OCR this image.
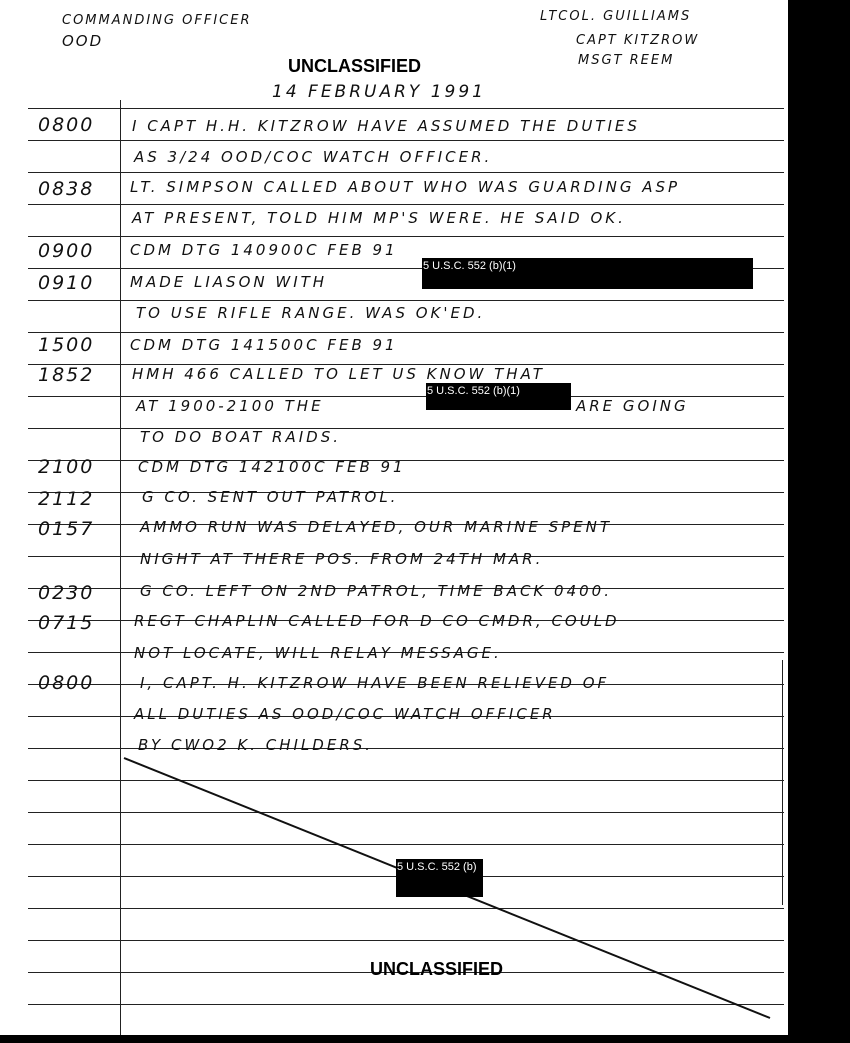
COMMANDING OFFICER
OOD
LTCOL. GUILLIAMS
CAPT KITZROW
MSGT REEM
UNCLASSIFIED
14 FEBRUARY 1991
0800
0838
0900
0910
1500
1852
2100
2112
0157
0230
0715
0800
I CAPT H.H. KITZROW HAVE ASSUMED THE DUTIES
AS 3/24 OOD/COC WATCH OFFICER.
LT. SIMPSON CALLED ABOUT WHO WAS GUARDING ASP
AT PRESENT, TOLD HIM MP'S WERE. HE SAID OK.
CDM DTG 140900C FEB 91
MADE LIASON WITH
TO USE RIFLE RANGE. WAS OK'ED.
CDM DTG 141500C FEB 91
HMH 466 CALLED TO LET US KNOW THAT
AT 1900-2100 THE	ARE GOING
TO DO BOAT RAIDS.
CDM DTG 142100C FEB 91
G CO. SENT OUT PATROL.
AMMO RUN WAS DELAYED, OUR MARINE SPENT
NIGHT AT THERE POS. FROM 24TH MAR.
G CO. LEFT ON 2ND PATROL, TIME BACK 0400.
REGT CHAPLIN CALLED FOR D CO CMDR, COULD
NOT LOCATE, WILL RELAY MESSAGE.
I, CAPT. H. KITZROW HAVE BEEN RELIEVED OF
ALL DUTIES AS OOD/COC WATCH OFFICER
BY CWO2 K. CHILDERS.
5 U.S.C. 552 (b)(1)
5 U.S.C. 552 (b)(1)
5 U.S.C. 552 (b)
UNCLASSIFIED
